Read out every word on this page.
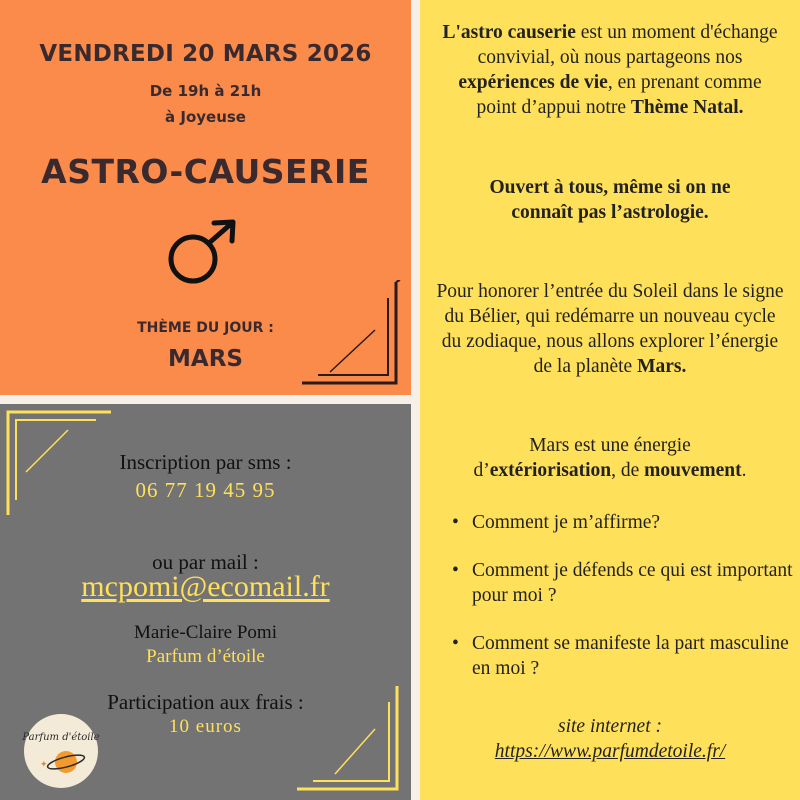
VENDREDI 20 MARS 2026
De 19h à 21h
à Joyeuse
ASTRO-CAUSERIE
THÈME DU JOUR :
MARS
Inscription par sms :
06 77 19 45 95
ou par mail :
mcpomi@ecomail.fr
Marie-Claire Pomi
Parfum d’étoile
Participation aux frais :
10 euros
Parfum d'étoile
✦
L'astro causerie est un moment d'échange convivial, où nous partageons nos expériences de vie, en prenant comme point d’appui notre Thème Natal.
Ouvert à tous, même si on ne connaît pas l’astrologie.
Pour honorer l’entrée du Soleil dans le signe du Bélier, qui redémarre un nouveau cycle du zodiaque, nous allons explorer l’énergie de la planète Mars.
Mars est une énergie d’extériorisation, de mouvement.
• Comment je m’affirme?
• Comment je défends ce qui est important pour moi ?
• Comment se manifeste la part masculine en moi ?
site internet :
https://www.parfumdetoile.fr/
